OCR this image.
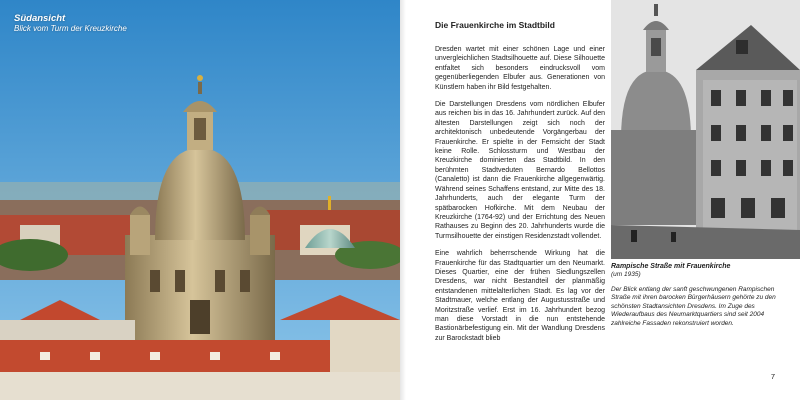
Südansicht
Blick vom Turm der Kreuzkirche	Die Frauenkirche im Stadtbild

Dresden wartet mit einer schönen Lage und einer unvergleichlichen Stadtsilhouette auf. Diese Silhouette entfaltet sich besonders eindrucksvoll vom gegenüberliegenden Elbufer aus. Generationen von Künstlern haben ihr Bild festgehalten.

Die Darstellungen Dresdens vom nördlichen Elbufer aus reichen bis in das 16. Jahrhundert zurück. Auf den ältesten Darstellungen zeigt sich noch der architektonisch unbedeutende Vorgängerbau der Frauenkirche. Er spielte in der Fernsicht der Stadt keine Rolle. Schlossturm und Westbau der Kreuzkirche dominierten das Stadtbild. In den berühmten Stadtveduten Bernardo Bellottos (Canaletto) ist dann die Frauenkirche allgegenwärtig. Während seines Schaffens entstand, zur Mitte des 18. Jahrhunderts, auch der elegante Turm der spätbarocken Hofkirche. Mit dem Neubau der Kreuzkirche (1764-92) und der Errichtung des Neuen Rathauses zu Beginn des 20. Jahrhunderts wurde die Turmsilhouette der einstigen Residenzstadt vollendet.

Eine wahrlich beherrschende Wirkung hat die Frauenkirche für das Stadtquartier um den Neumarkt. Dieses Quartier, eine der frühen Siedlungszellen Dresdens, war nicht Bestandteil der planmäßig entstandenen mittelalterlichen Stadt. Es lag vor der Stadtmauer, welche entlang der Augustusstraße und Moritzstraße verlief. Erst im 16. Jahrhundert bezog man diese Vorstadt in die nun entstehende Bastionärbefestigung ein. Mit der Wandlung Dresdens zur Barockstadt blieb

Rampische Straße mit Frauenkirche
(um 1935)
Der Blick entlang der sanft geschwungenen Rampischen Straße mit ihren barocken Bürgerhäusern gehörte zu den schönsten Stadtansichten Dresdens. Im Zuge des Wiederaufbaus des Neumarktquartiers sind seit 2004 zahlreiche Fassaden rekonstruiert worden.
7
